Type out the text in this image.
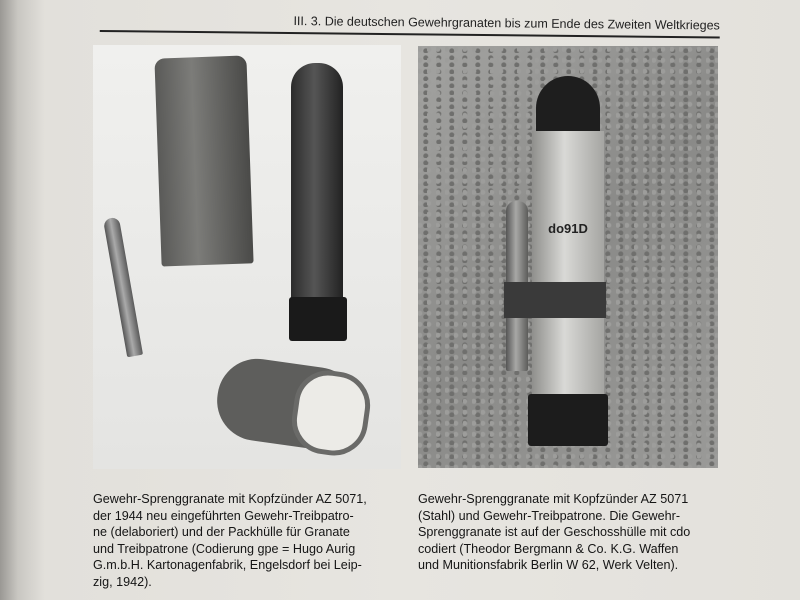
III. 3. Die deutschen Gewehrgranaten bis zum Ende des Zweiten Weltkrieges
do91D
Gewehr-Sprenggranate mit Kopfzünder AZ 5071,
der 1944 neu eingeführten Gewehr-Treibpatro-
ne (delaboriert) und der Packhülle für Granate
und Treibpatrone (Codierung gpe = Hugo Aurig
G.m.b.H. Kartonagenfabrik, Engelsdorf bei Leip-
zig, 1942).
Gewehr-Sprenggranate mit Kopfzünder AZ 5071
(Stahl) und Gewehr-Treibpatrone. Die Gewehr-
Sprenggranate ist auf der Geschosshülle mit cdo
codiert (Theodor Bergmann & Co. K.G. Waffen
und Munitionsfabrik Berlin W 62, Werk Velten).
